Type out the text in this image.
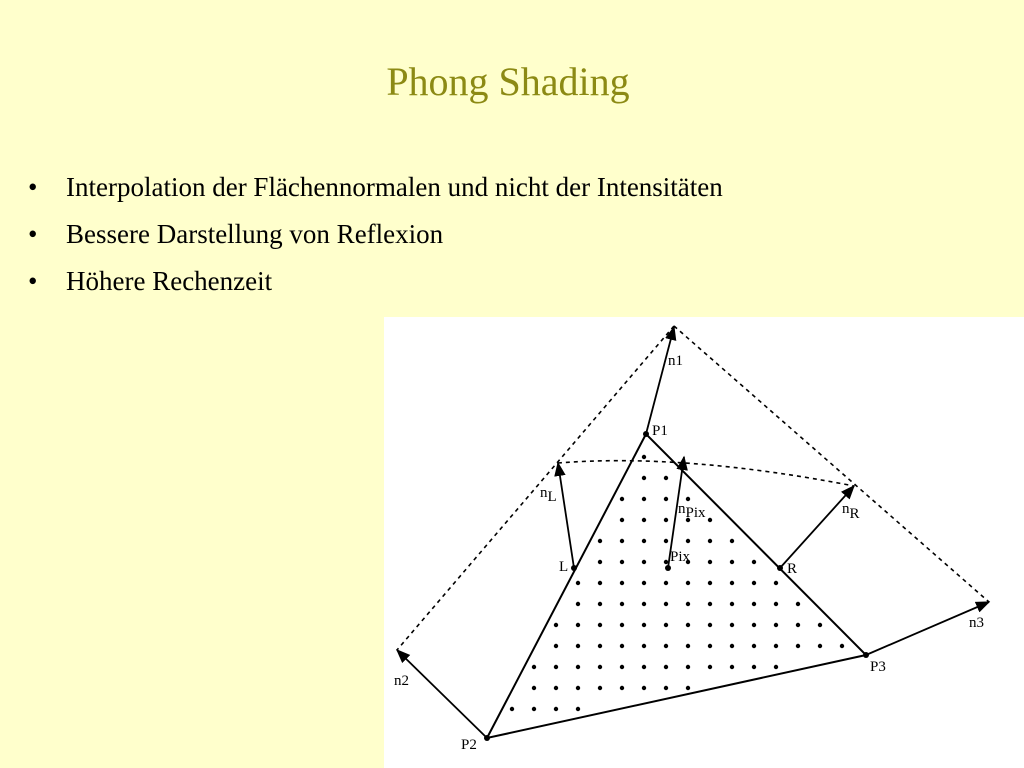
Phong Shading
• Interpolation der Flächennormalen und nicht der Intensitäten
• Bessere Darstellung von Reflexion
• Höhere Rechenzeit
n1
P1
nL
nPix	nR
L
Pix
R
n3
P3
n2
P2
